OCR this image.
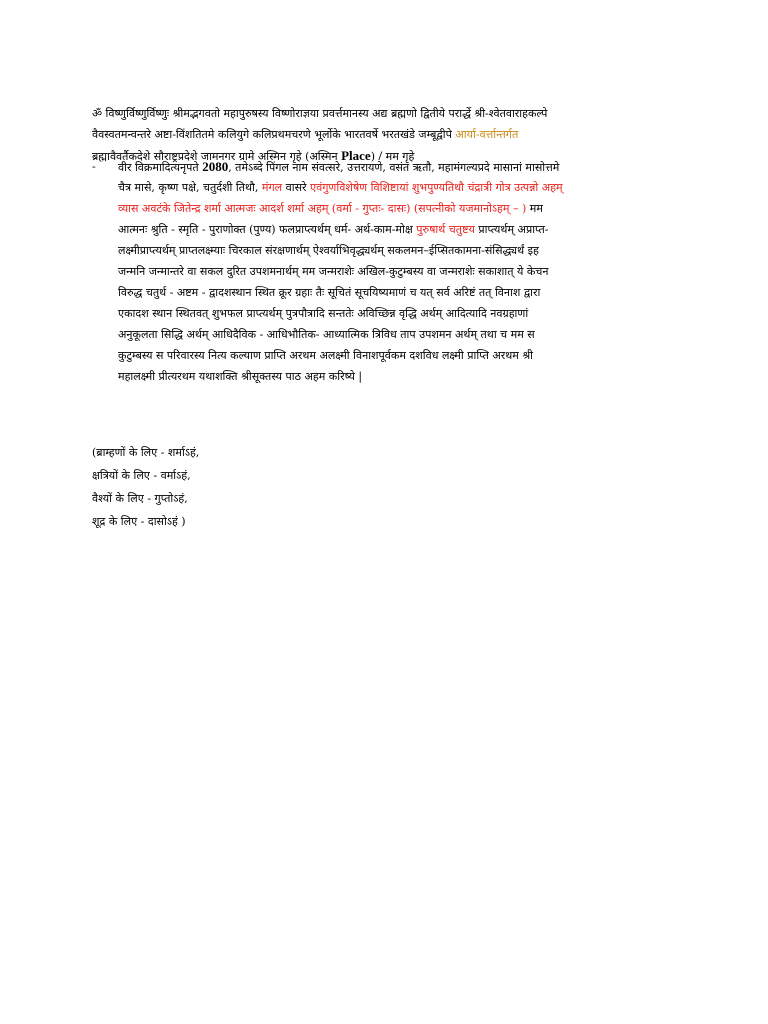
ॐ विष्णुर्विष्णुर्विष्णुः श्रीमद्भगवतो महापुरुषस्य विष्णोराज्ञया प्रवर्त्तमानस्य अद्य ब्रह्मणो द्वितीये परार्द्धे श्री-श्वेतवाराहकल्पे
वैवस्वतमन्वन्तरे अष्टा-विंशतितमे कलियुगे कलिप्रथमचरणे भूर्लोके भारतवर्षे भरतखंडे जम्बूद्वीपे आर्या-वर्त्तान्तर्गत
ब्रह्मावैवर्तैकदेशे सौराष्ट्रप्रदेशे जामनगर ग्रामे अस्मिन गृहे (अस्मिन Place) / मम गृहे
- वीर विक्रमादित्यनृपते 2080, तमेऽब्दे पिंगल नाम संवत्सरे, उत्तरायणे, वसंत ऋतौ, महामंगल्यप्रदे मासानां मासोत्तमे
चैत्र मासे, कृष्ण पक्षे, चतुर्दशी तिथौ, मंगल वासरे एवंगुणविशेषेण विशिष्टायां शुभपुण्यतिथौ चंद्रात्री गोत्र उत्पन्नो अहम्
व्यास अवटंके जितेन्द्र शर्मा आत्मजः आदर्श शर्मा अहम् (वर्मा - गुप्तः- दासः) (सपत्नीको यजमानोऽहम् – ) मम
आत्मनः श्रुति - स्मृति - पुराणोक्त (पुण्य) फलप्राप्त्यर्थम् धर्म- अर्थ-काम-मोक्ष पुरुषार्थ चतुष्टय प्राप्त्यर्थम् अप्राप्त-
लक्ष्मीप्राप्त्यर्थम् प्राप्तलक्ष्म्याः चिरकाल संरक्षणार्थम् ऐश्वर्याभिवृद्ध्यर्थम् सकलमन–ईप्सितकामना-संसिद्ध्यर्थं इह
जन्मनि जन्मान्तरे वा सकल दुरित उपशमनार्थम् मम जन्मराशेः अखिल-कुटुम्बस्य वा जन्मराशेः सकाशात् ये केचन
विरुद्ध चतुर्थ - अष्टम - द्वादशस्थान स्थित क्रूर ग्रहाः तैः सूचितं सूचयिष्यमाणं च यत् सर्व अरिष्टं तत् विनाश द्वारा
एकादश स्थान स्थितवत् शुभफल प्राप्त्यर्थम् पुत्रपौत्रादि सन्ततेः अविच्छिन्न वृद्धि अर्थम् आदित्यादि नवग्रहाणां
अनुकूलता सिद्धि अर्थम् आधिदैविक - आधिभौतिक- आध्यात्मिक त्रिविध ताप उपशमन अर्थम् तथा च मम स
कुटुम्बस्य स परिवारस्य नित्य कल्याण प्राप्ति अरथम अलक्ष्मी विनाशपूर्वकम दशविध लक्ष्मी प्राप्ति अरथम श्री
महालक्ष्मी प्रीत्यरथम यथाशक्ति श्रीसूक्तस्य पाठ अहम करिष्ये |
(ब्राम्हणों के लिए - शर्माऽहं,
क्षत्रियों के लिए - वर्माऽहं,
वैश्यों के लिए - गुप्तोऽहं,
शूद्र के लिए - दासोऽहं )
